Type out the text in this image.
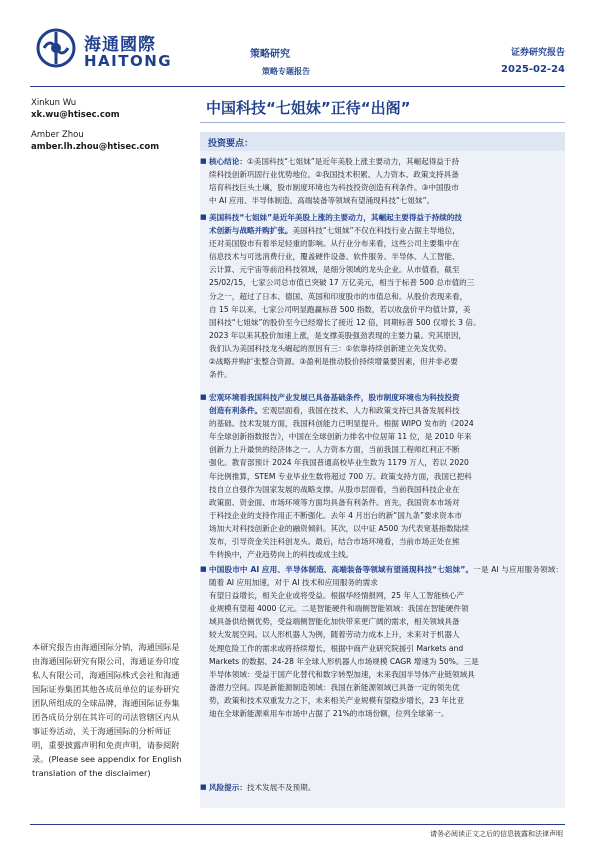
海通國際
HAITONG	策略研究
策略专题报告
证券研究报告
2025-02-24
Xinkun Wu
xk.wu@htisec.com
Amber Zhou
amber.lh.zhou@htisec.com
中国科技“七姐妹”正待“出阁”
投资要点：
■ 核心结论：①美国科技“七姐妹”是近年美股上涨主要动力，其崛起得益于持
续科技创新巩固行业优势地位。②我国技术积累、人力资本、政策支持具备
培育科技巨头土壤，股市制度环境也为科技投资创造有利条件。③中国股市
中 AI 应用、半导体制造、高端装备等领域有望涌现科技“七姐妹”。
■ 美国科技“七姐妹”是近年美股上涨的主要动力，其崛起主要得益于持续的技
术创新与战略并购扩张。美国科技“七姐妹”不仅在科技行业占据主导地位，
还对美国股市有着举足轻重的影响。从行业分布来看，这些公司主要集中在
信息技术与可选消费行业，覆盖硬件设备、软件服务、半导体、人工智能、
云计算、元宇宙等前沿科技领域，是细分领域的龙头企业。从市值看，截至
25/02/15，七家公司总市值已突破 17 万亿美元，相当于标普 500 总市值的三
分之一，超过了日本、德国、英国和印度股市的市值总和。从股价表现来看，
自 15 年以来，七家公司明显跑赢标普 500 指数，若以收盘价平均值计算，美
国科技“七姐妹”的股价至今已经增长了接近 12 倍，同期标普 500 仅增长 3 倍。
2023 年以来其股价加速上涨，是支撑美股强劲表现的主要力量。究其原因，
我们认为美国科技龙头崛起的原因有三：①依靠持续创新建立先发优势。
②战略并购扩张整合资源。③盈利是推动股价持续增量要因素，但并非必要
条件。
■ 宏观环境看我国科技产业发展已具备基础条件，股市制度环境也为科技投资
创造有利条件。宏观层面看，我国在技术、人力和政策支持已具备发展科技
的基础。技术发展方面，我国科创能力已明显提升。根据 WIPO 发布的《2024
年全球创新指数报告》，中国在全球创新力排名中位居第 11 位，是 2010 年来
创新力上升最快的经济体之一。人力资本方面，当前我国工程师红利正不断
强化。教育部预计 2024 年我国普通高校毕业生数为 1179 万人，若以 2020
年比例推算，STEM 专业毕业生数将超过 700 万。政策支持方面，我国已把科
技自立自强作为国家发展的战略支撑。从股市层面看，当前我国科技企业在
政策面、资金面、市场环境等方面均具备有利条件。首先，我国资本市场对
于科技企业的支持作用正不断强化。去年 4 月出台的新“国九条”要求资本市
场加大对科技创新企业的融资倾斜。其次，以中证 A500 为代表宽基指数陆续
发布，引导资金关注科创龙头。最后，结合市场环境看，当前市场正处在熊
牛转换中，产业趋势向上的科技或成主线。
■ 中国股市中 AI 应用、半导体制造、高端装备等领域有望涌现科技“七姐妹”。一是 AI 与应用服务领域：随着 AI 应用加速，对于 AI 技术和应用服务的需求
有望日益增长，相关企业或将受益。根据华经情报网，25 年人工智能核心产
业规模有望超 4000 亿元。二是智能硬件和端侧智能领域：我国在智能硬件领
域具备供给侧优势，受益端侧智能化加快带来更广阔的需求，相关领域具备
较大发展空间。以人形机器人为例，随着劳动力成本上升，未来对于机器人
处理危险工作的需求或将持续增长，根据中商产业研究院援引 Markets and
Markets 的数据、24-28 年全球人形机器人市场规模 CAGR 增速为 50%。三是
半导体领域：受益于国产化替代和数字转型加速，未来我国半导体产业链领域具
备潜力空间。四是新能源制造领域：我国在新能源领域已具备一定的领先优
势，政策和技术双重发力之下，未来相关产业规模有望稳步增长，23 年比亚
迪在全球新能源乘用车市场中占据了 21%的市场份额，位列全球第一。
■ 风险提示：技术发展不及预期。

本研究报告由海通国际分销，海通国际是由海通国际研究有限公司，海通证券印度私人有限公司，海通国际株式会社和海通国际证券集团其他各成员单位的证券研究团队所组成的全球品牌，海通国际证券集团各成员分别在其许可的司法管辖区内从事证券活动，关于海通国际的分析师证明，重要披露声明和免责声明，请参阅附录。(Please see appendix for English translation of the disclaimer)

请务必阅读正文之后的信息披露和法律声明
